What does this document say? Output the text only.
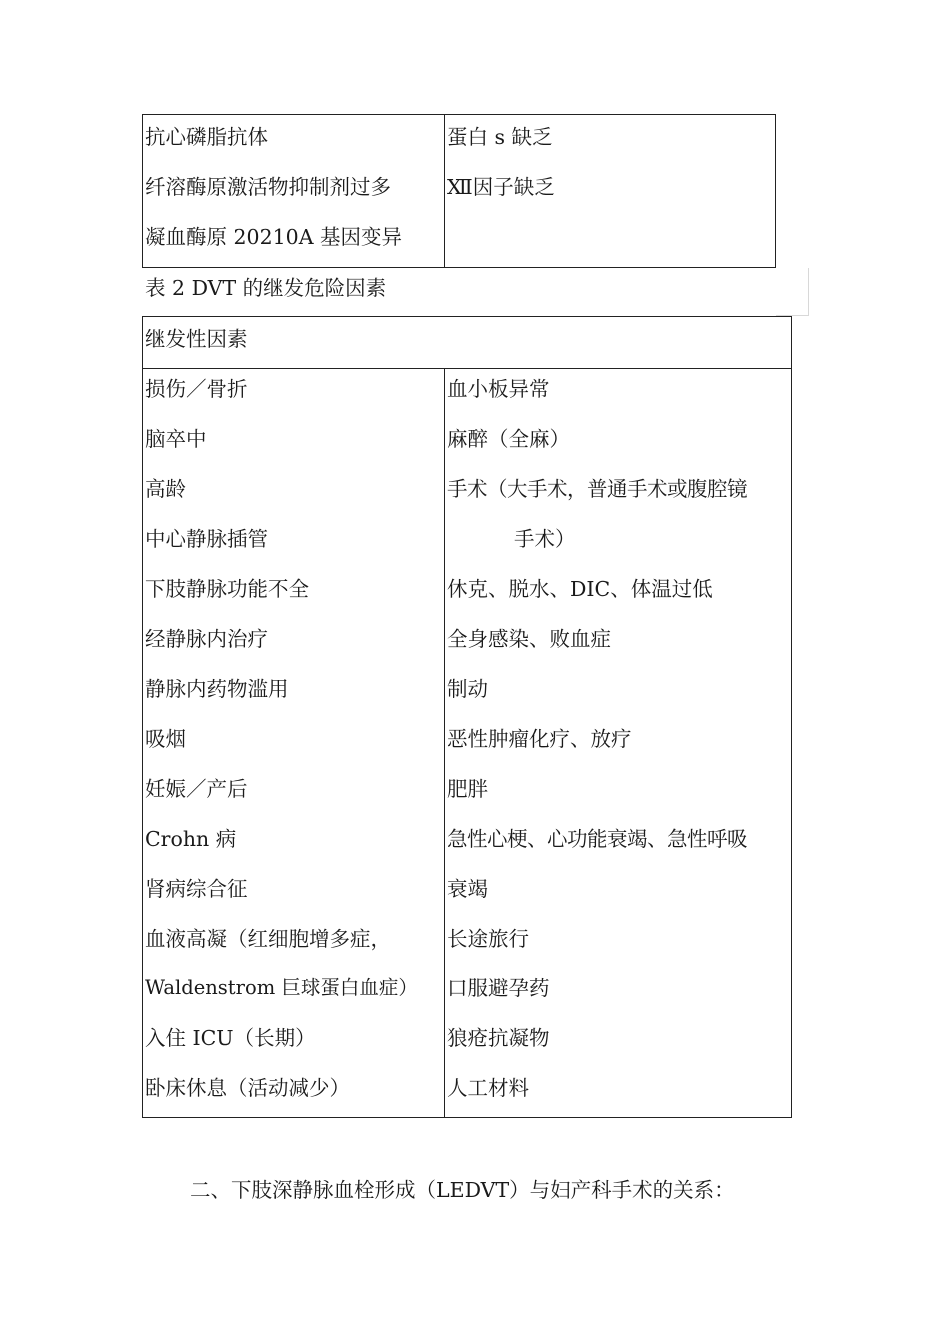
抗心磷脂抗体
纤溶酶原激活物抑制剂过多
凝血酶原 20210A 基因变异
蛋白 s 缺乏
Ⅻ因子缺乏
表 2 DVT 的继发危险因素
继发性因素
损伤／骨折
脑卒中
高龄
中心静脉插管
下肢静脉功能不全
经静脉内治疗
静脉内药物滥用
吸烟
妊娠／产后
Crohn 病
肾病综合征
血液高凝（红细胞增多症，
Waldenstrom 巨球蛋白血症）
入住 ICU（长期）
卧床休息（活动减少）
血小板异常
麻醉（全麻）
手术（大手术，普通手术或腹腔镜
手术）
休克、脱水、DIC、体温过低
全身感染、败血症
制动
恶性肿瘤化疗、放疗
肥胖
急性心梗、心功能衰竭、急性呼吸
衰竭
长途旅行
口服避孕药
狼疮抗凝物
人工材料
二、下肢深静脉血栓形成（LEDVT）与妇产科手术的关系：
